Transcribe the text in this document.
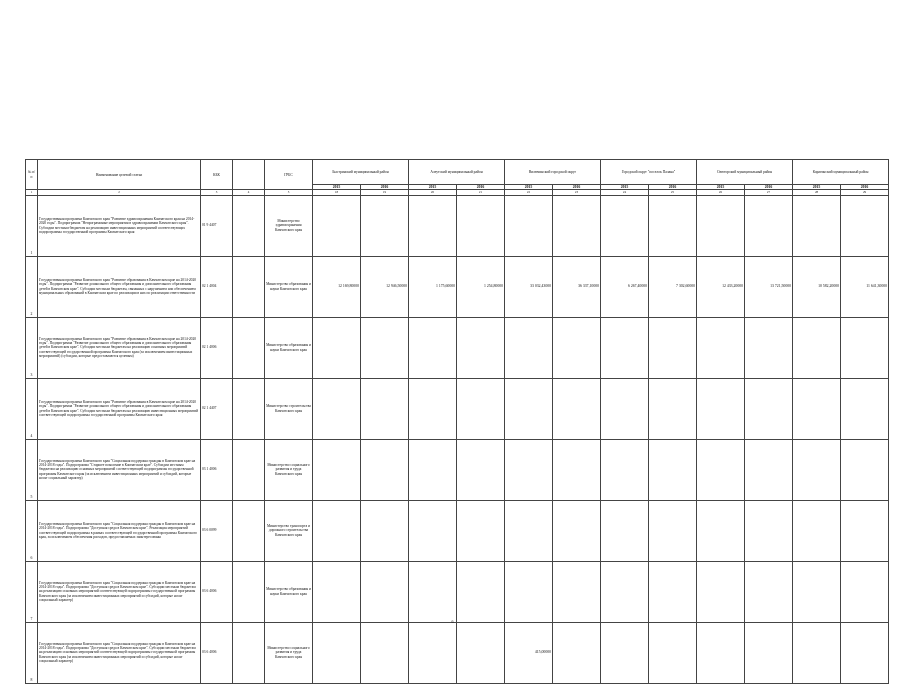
№ п/п	Наименование целевой статьи	КБК		ГРБС	Быстринский муниципальный район		Алеутский муниципальный район		Вилючинский городской округ		Городской округ "поселок Палана"		Олюторский муниципальный район		Карагинский муниципальный район	
					2015	2016	2015	2016	2015	2016	2015	2016	2015	2016	2015	2016
1	2	3	4	5	18	19	20	21	22	23	24	25	26	27	28	29
1	Государственная программа Камчатского края "Развитие здравоохранения Камчатского края на 2014-2020 годы". Подпрограмма "Непрограммные мероприятия в здравоохранении Камчатского края". Субсидии местным бюджетам на реализацию инвестиционных мероприятий соответствующих подпрограммы государственной программы Камчатского края	01 9 4407		Министерство здравоохранения Камчатского края												
2	Государственная программа Камчатского края "Развитие образования в Камчатском крае на 2014-2020 годы". Подпрограмма "Развитие дошкольного общего образования и дополнительного образования детей в Камчатском крае". Субсидии местным бюджетам, связанных с нарушением или обеспечением муниципальных образований в Камчатском крае по реализации в них по реализации ответственности	02 1 4004		Министерство образования и науки Камчатского края	12 169,80000	12 946,50000	1 175,60000	1 254,80000	33 032,43000	36 337,10000	6 267,40000	7 302,60000	12 433,20000	13 721,50000	10 582,20000	11 641,30000
3	Государственная программа Камчатского края "Развитие образования в Камчатском крае на 2014-2020 годы". Подпрограмма "Развитие дошкольного общего образования и дополнительного образования детей в Камчатском крае". Субсидии местным бюджетам на реализацию основных мероприятий соответствующей государственной программы Камчатского края (за исключением инвестиционных мероприятий) (субсидии, которые предоставляются целевым)	02 1 4006		Министерство образования и науки Камчатского края												
4	Государственная программа Камчатского края "Развитие образования в Камчатском крае на 2014-2020 годы". Подпрограмма "Развитие дошкольного общего образования и дополнительного образования детей в Камчатском крае". Субсидии местным бюджетам на реализацию инвестиционных мероприятий соответствующей подпрограммы государственной программы Камчатского края	02 1 4407		Министерство строительства Камчатского края												
5	Государственная программа Камчатского края "Социальная поддержка граждан в Камчатском крае на 2014-2018 годы". Подпрограмма "Старшее поколение в Камчатском крае". Субсидии местным бюджетам на реализацию основных мероприятий соответствующей подпрограммы государственной программы Камчатского края (за исключением инвестиционных мероприятий и субсидий, которые носят социальный характер)	03 1 4006		Министерство социального развития и труда Камчатского края												
6	Государственная программа Камчатского края "Социальная поддержка граждан в Камчатском крае на 2014-2018 годы". Подпрограмма "Доступная среда в Камчатском крае". Реализация мероприятий соответствующей подпрограммы в рамках соответствующей государственной программы Камчатского края, за исключением обеспечения расходов, предоставляемых заинтересованы	03 6 0099		Министерство транспорта и дорожного строительства Камчатского края												
7	Государственная программа Камчатского края "Социальная поддержка граждан в Камчатском крае на 2014-2018 годы". Подпрограмма "Доступная среда в Камчатском крае". Субсидии местным бюджетам на реализацию основных мероприятий соответствующей подпрограммы государственной программы Камчатского края (за исключением инвестиционных мероприятий и субсидий, которые носят социальный характер)	03 6 4006		Министерство образования и науки Камчатского края												
8	Государственная программа Камчатского края "Социальная поддержка граждан в Камчатском крае на 2014-2018 годы". Подпрограмма "Доступная среда в Камчатском крае". Субсидии местным бюджетам на реализацию основных мероприятий соответствующей подпрограммы государственной программы Камчатского края (за исключением инвестиционных мероприятий и субсидий, которые носят социальный характер)	03 6 4006		Министерство социального развития и труда Камчатского края					415,00000							
6
